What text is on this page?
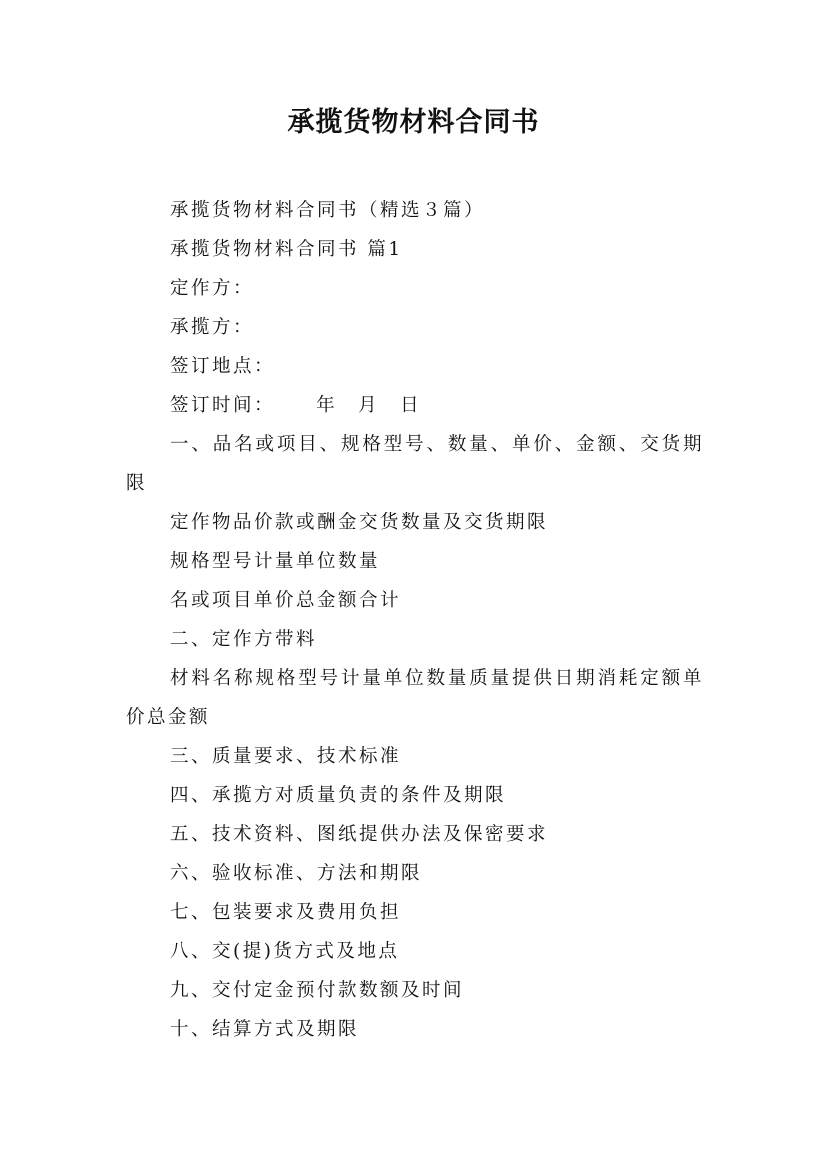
承揽货物材料合同书

承揽货物材料合同书（精选３篇）

承揽货物材料合同书 篇1

定作方：

承揽方：

签订地点：

签订时间：　　 年　月　日

一、品名或项目、规格型号、数量、单价、金额、交货期限

定作物品价款或酬金交货数量及交货期限

规格型号计量单位数量

名或项目单价总金额合计

二、定作方带料

材料名称规格型号计量单位数量质量提供日期消耗定额单价总金额

三、质量要求、技术标准

四、承揽方对质量负责的条件及期限

五、技术资料、图纸提供办法及保密要求

六、验收标准、方法和期限

七、包装要求及费用负担

八、交(提)货方式及地点

九、交付定金预付款数额及时间

十、结算方式及期限
